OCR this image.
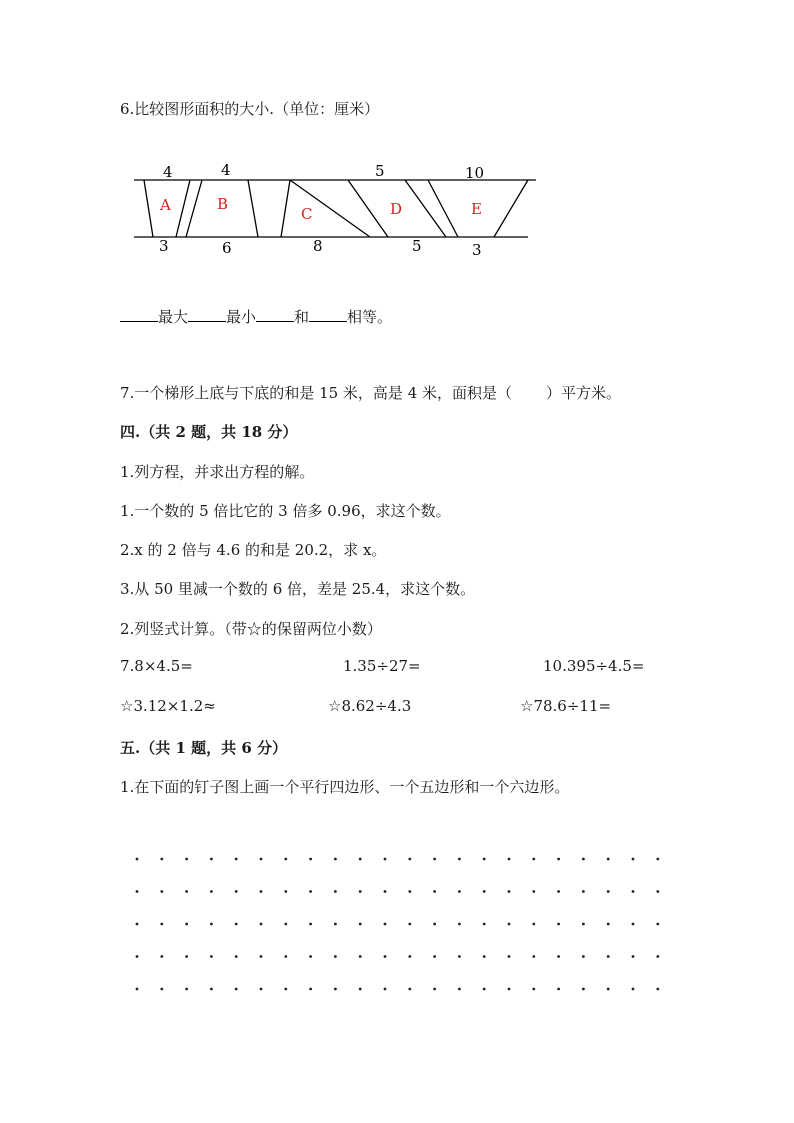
6.比较图形面积的大小.（单位：厘米）
A	B
C	D	E
4	4	5	10
3	6	8	5	3
最大	最小	和	相等。
7.一个梯形上底与下底的和是 15 米，高是 4 米，面积是（ ）平方米。
四.（共 2 题，共 18 分）
1.列方程，并求出方程的解。
1.一个数的 5 倍比它的 3 倍多 0.96，求这个数。
2.x 的 2 倍与 4.6 的和是 20.2，求 x。
3.从 50 里减一个数的 6 倍，差是 25.4，求这个数。
2.列竖式计算。（带☆的保留两位小数）
7.8×4.5=	1.35÷27=	10.395÷4.5=
☆3.12×1.2≈	☆8.62÷4.3	☆78.6÷11=
五.（共 1 题，共 6 分）
1.在下面的钉子图上画一个平行四边形、一个五边形和一个六边形。
